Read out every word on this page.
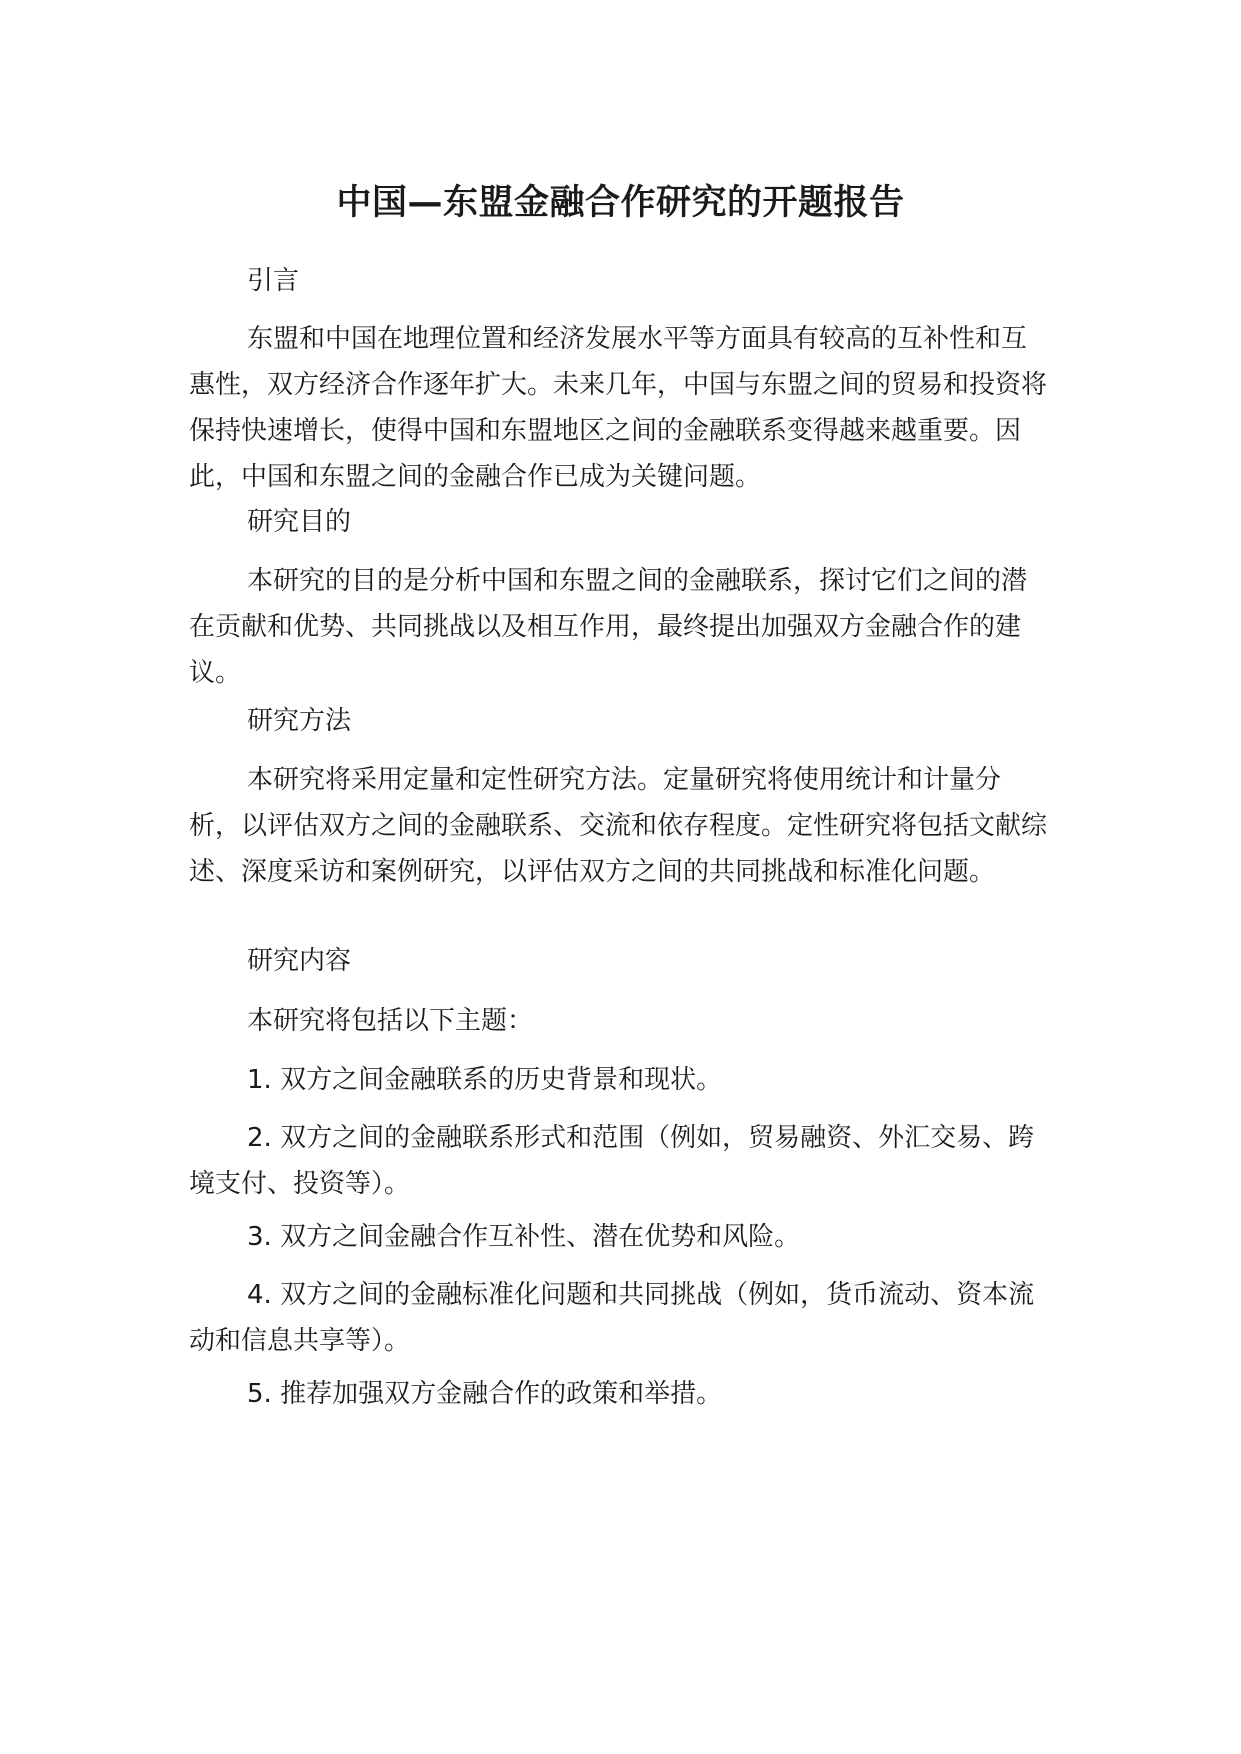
中国—东盟金融合作研究的开题报告

引言

东盟和中国在地理位置和经济发展水平等方面具有较高的互补性和互惠性，双方经济合作逐年扩大。未来几年，中国与东盟之间的贸易和投资将保持快速增长，使得中国和东盟地区之间的金融联系变得越来越重要。因此，中国和东盟之间的金融合作已成为关键问题。

研究目的

本研究的目的是分析中国和东盟之间的金融联系，探讨它们之间的潜在贡献和优势、共同挑战以及相互作用，最终提出加强双方金融合作的建议。

研究方法

本研究将采用定量和定性研究方法。定量研究将使用统计和计量分析，以评估双方之间的金融联系、交流和依存程度。定性研究将包括文献综述、深度采访和案例研究，以评估双方之间的共同挑战和标准化问题。

研究内容

本研究将包括以下主题：

1. 双方之间金融联系的历史背景和现状。

2. 双方之间的金融联系形式和范围（例如，贸易融资、外汇交易、跨境支付、投资等）。

3. 双方之间金融合作互补性、潜在优势和风险。

4. 双方之间的金融标准化问题和共同挑战（例如，货币流动、资本流动和信息共享等）。

5. 推荐加强双方金融合作的政策和举措。
